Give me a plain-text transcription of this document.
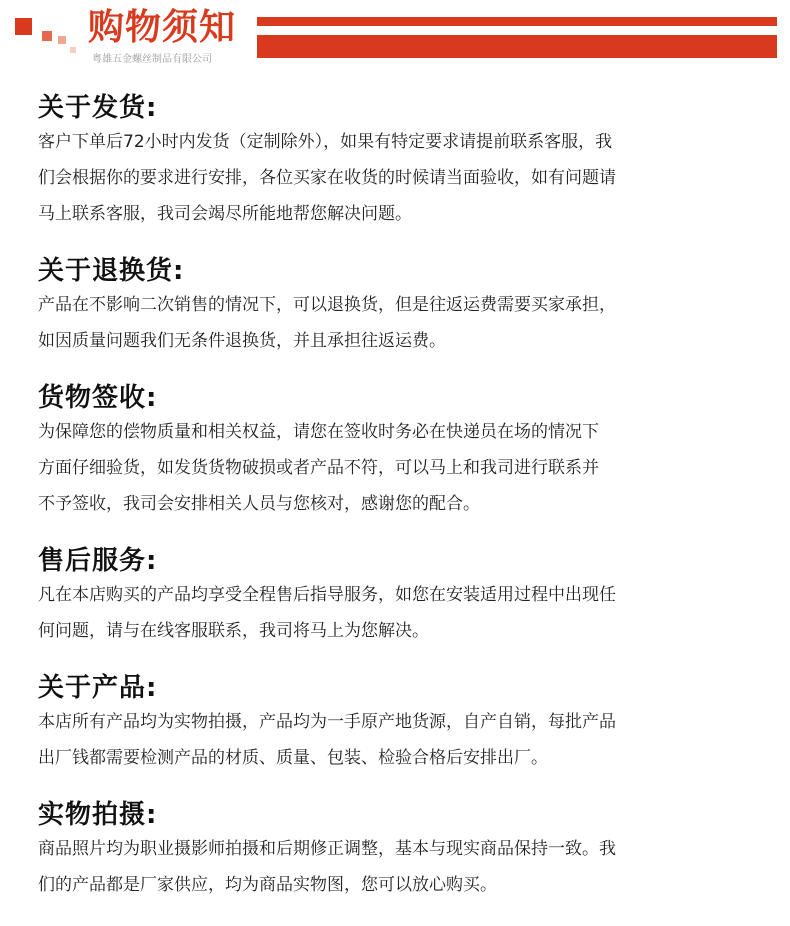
购物须知
粤雄五金螺丝制品有限公司
关于发货:
客户下单后72小时内发货（定制除外），如果有特定要求请提前联系客服，我
们会根据你的要求进行安排，各位买家在收货的时候请当面验收，如有问题请
马上联系客服，我司会竭尽所能地帮您解决问题。
关于退换货:
产品在不影响二次销售的情况下，可以退换货，但是往返运费需要买家承担，
如因质量问题我们无条件退换货，并且承担往返运费。
货物签收:
为保障您的偿物质量和相关权益，请您在签收时务必在快递员在场的情况下
方面仔细验货，如发货货物破损或者产品不符，可以马上和我司进行联系并
不予签收，我司会安排相关人员与您核对，感谢您的配合。
售后服务:
凡在本店购买的产品均享受全程售后指导服务，如您在安装适用过程中出现任
何问题，请与在线客服联系，我司将马上为您解决。
关于产品:
本店所有产品均为实物拍摄，产品均为一手原产地货源，自产自销，每批产品
出厂钱都需要检测产品的材质、质量、包装、检验合格后安排出厂。
实物拍摄:
商品照片均为职业摄影师拍摄和后期修正调整，基本与现实商品保持一致。我
们的产品都是厂家供应，均为商品实物图，您可以放心购买。
